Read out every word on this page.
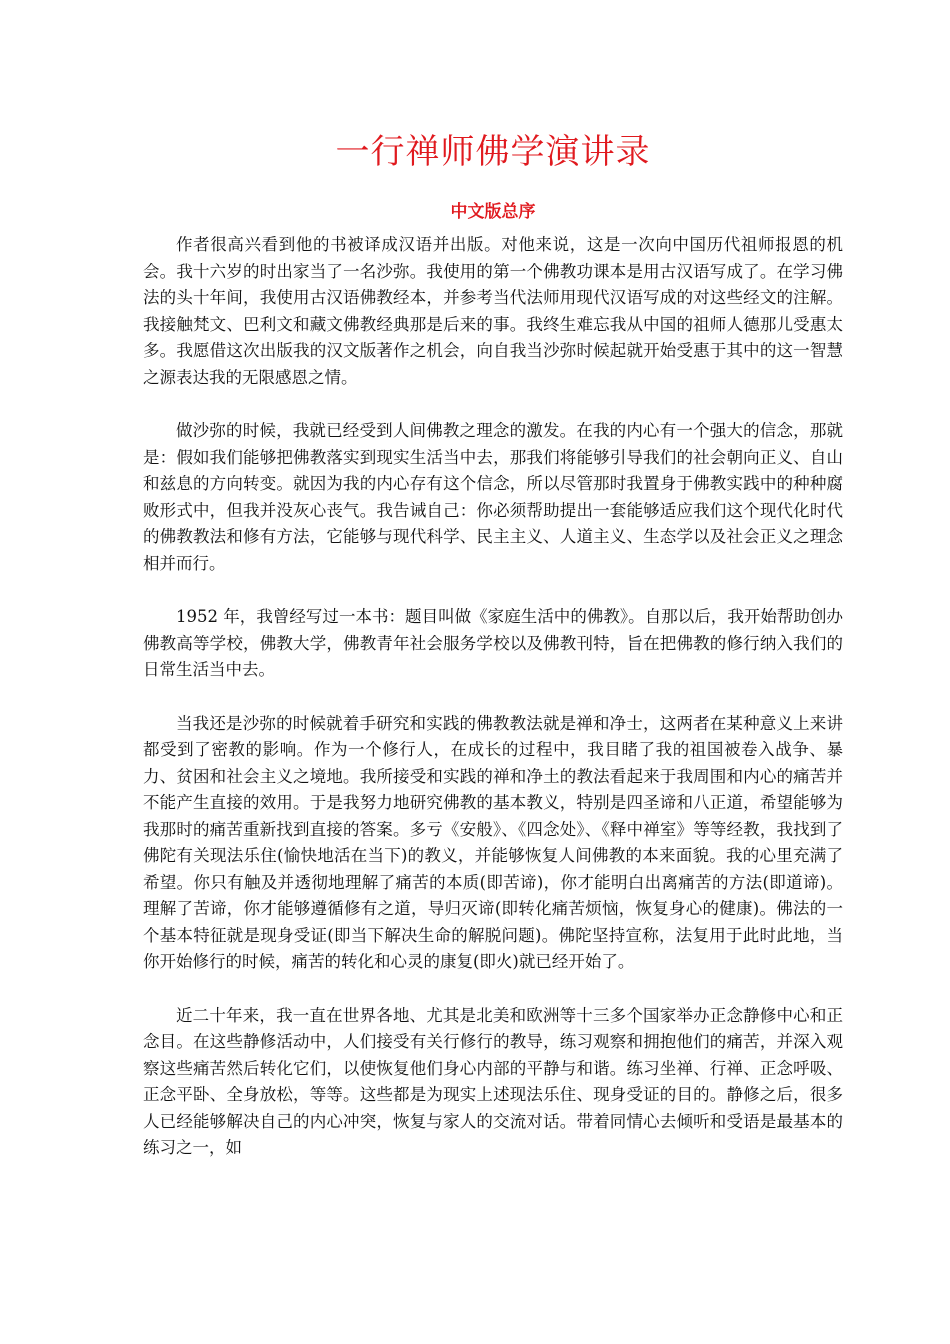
一行禅师佛学演讲录
中文版总序

作者很高兴看到他的书被译成汉语并出版。对他来说，这是一次向中国历代祖师报恩的机会。我十六岁的时出家当了一名沙弥。我使用的第一个佛教功课本是用古汉语写成了。在学习佛法的头十年间，我使用古汉语佛教经本，并参考当代法师用现代汉语写成的对这些经文的注解。我接触梵文、巴利文和藏文佛教经典那是后来的事。我终生难忘我从中国的祖师人德那儿受惠太多。我愿借这次出版我的汉文版著作之机会，向自我当沙弥时候起就开始受惠于其中的这一智慧之源表达我的无限感恩之情。

做沙弥的时候，我就已经受到人间佛教之理念的激发。在我的内心有一个强大的信念，那就是：假如我们能够把佛教落实到现实生活当中去，那我们将能够引导我们的社会朝向正义、自山和兹息的方向转变。就因为我的内心存有这个信念，所以尽管那时我置身于佛教实践中的种种腐败形式中，但我并没灰心丧气。我告诫自己：你必须帮助提出一套能够适应我们这个现代化时代的佛教教法和修有方法，它能够与现代科学、民主主义、人道主义、生态学以及社会正义之理念相并而行。

1952 年，我曾经写过一本书：题目叫做《家庭生活中的佛教》。自那以后，我开始帮助创办佛教高等学校，佛教大学，佛教青年社会服务学校以及佛教刊特，旨在把佛教的修行纳入我们的日常生活当中去。

当我还是沙弥的时候就着手研究和实践的佛教教法就是禅和净士，这两者在某种意义上来讲都受到了密教的影响。作为一个修行人，在成长的过程中，我目睹了我的祖国被卷入战争、暴力、贫困和社会主义之境地。我所接受和实践的禅和净土的教法看起来于我周围和内心的痛苦并不能产生直接的效用。于是我努力地研究佛教的基本教义，特别是四圣谛和八正道，希望能够为我那时的痛苦重新找到直接的答案。多亏《安般》、《四念处》、《释中禅室》等等经教，我找到了佛陀有关现法乐住(愉快地活在当下)的教义，并能够恢复人间佛教的本来面貌。我的心里充满了希望。你只有触及并透彻地理解了痛苦的本质(即苦谛)，你才能明白出离痛苦的方法(即道谛)。理解了苦谛，你才能够遵循修有之道，导归灭谛(即转化痛苦烦恼，恢复身心的健康)。佛法的一个基本特征就是现身受证(即当下解决生命的解脱问题)。佛陀坚持宣称，法复用于此时此地，当你开始修行的时候，痛苦的转化和心灵的康复(即火)就已经开始了。

近二十年来，我一直在世界各地、尤其是北美和欧洲等十三多个国家举办正念静修中心和正念目。在这些静修活动中，人们接受有关行修行的教导，练习观察和拥抱他们的痛苦，并深入观察这些痛苦然后转化它们，以使恢复他们身心内部的平静与和谐。练习坐禅、行禅、正念呼吸、正念平卧、全身放松，等等。这些都是为现实上述现法乐住、现身受证的目的。静修之后，很多人已经能够解决自己的内心冲突，恢复与家人的交流对话。带着同情心去倾听和受语是最基本的练习之一，如
